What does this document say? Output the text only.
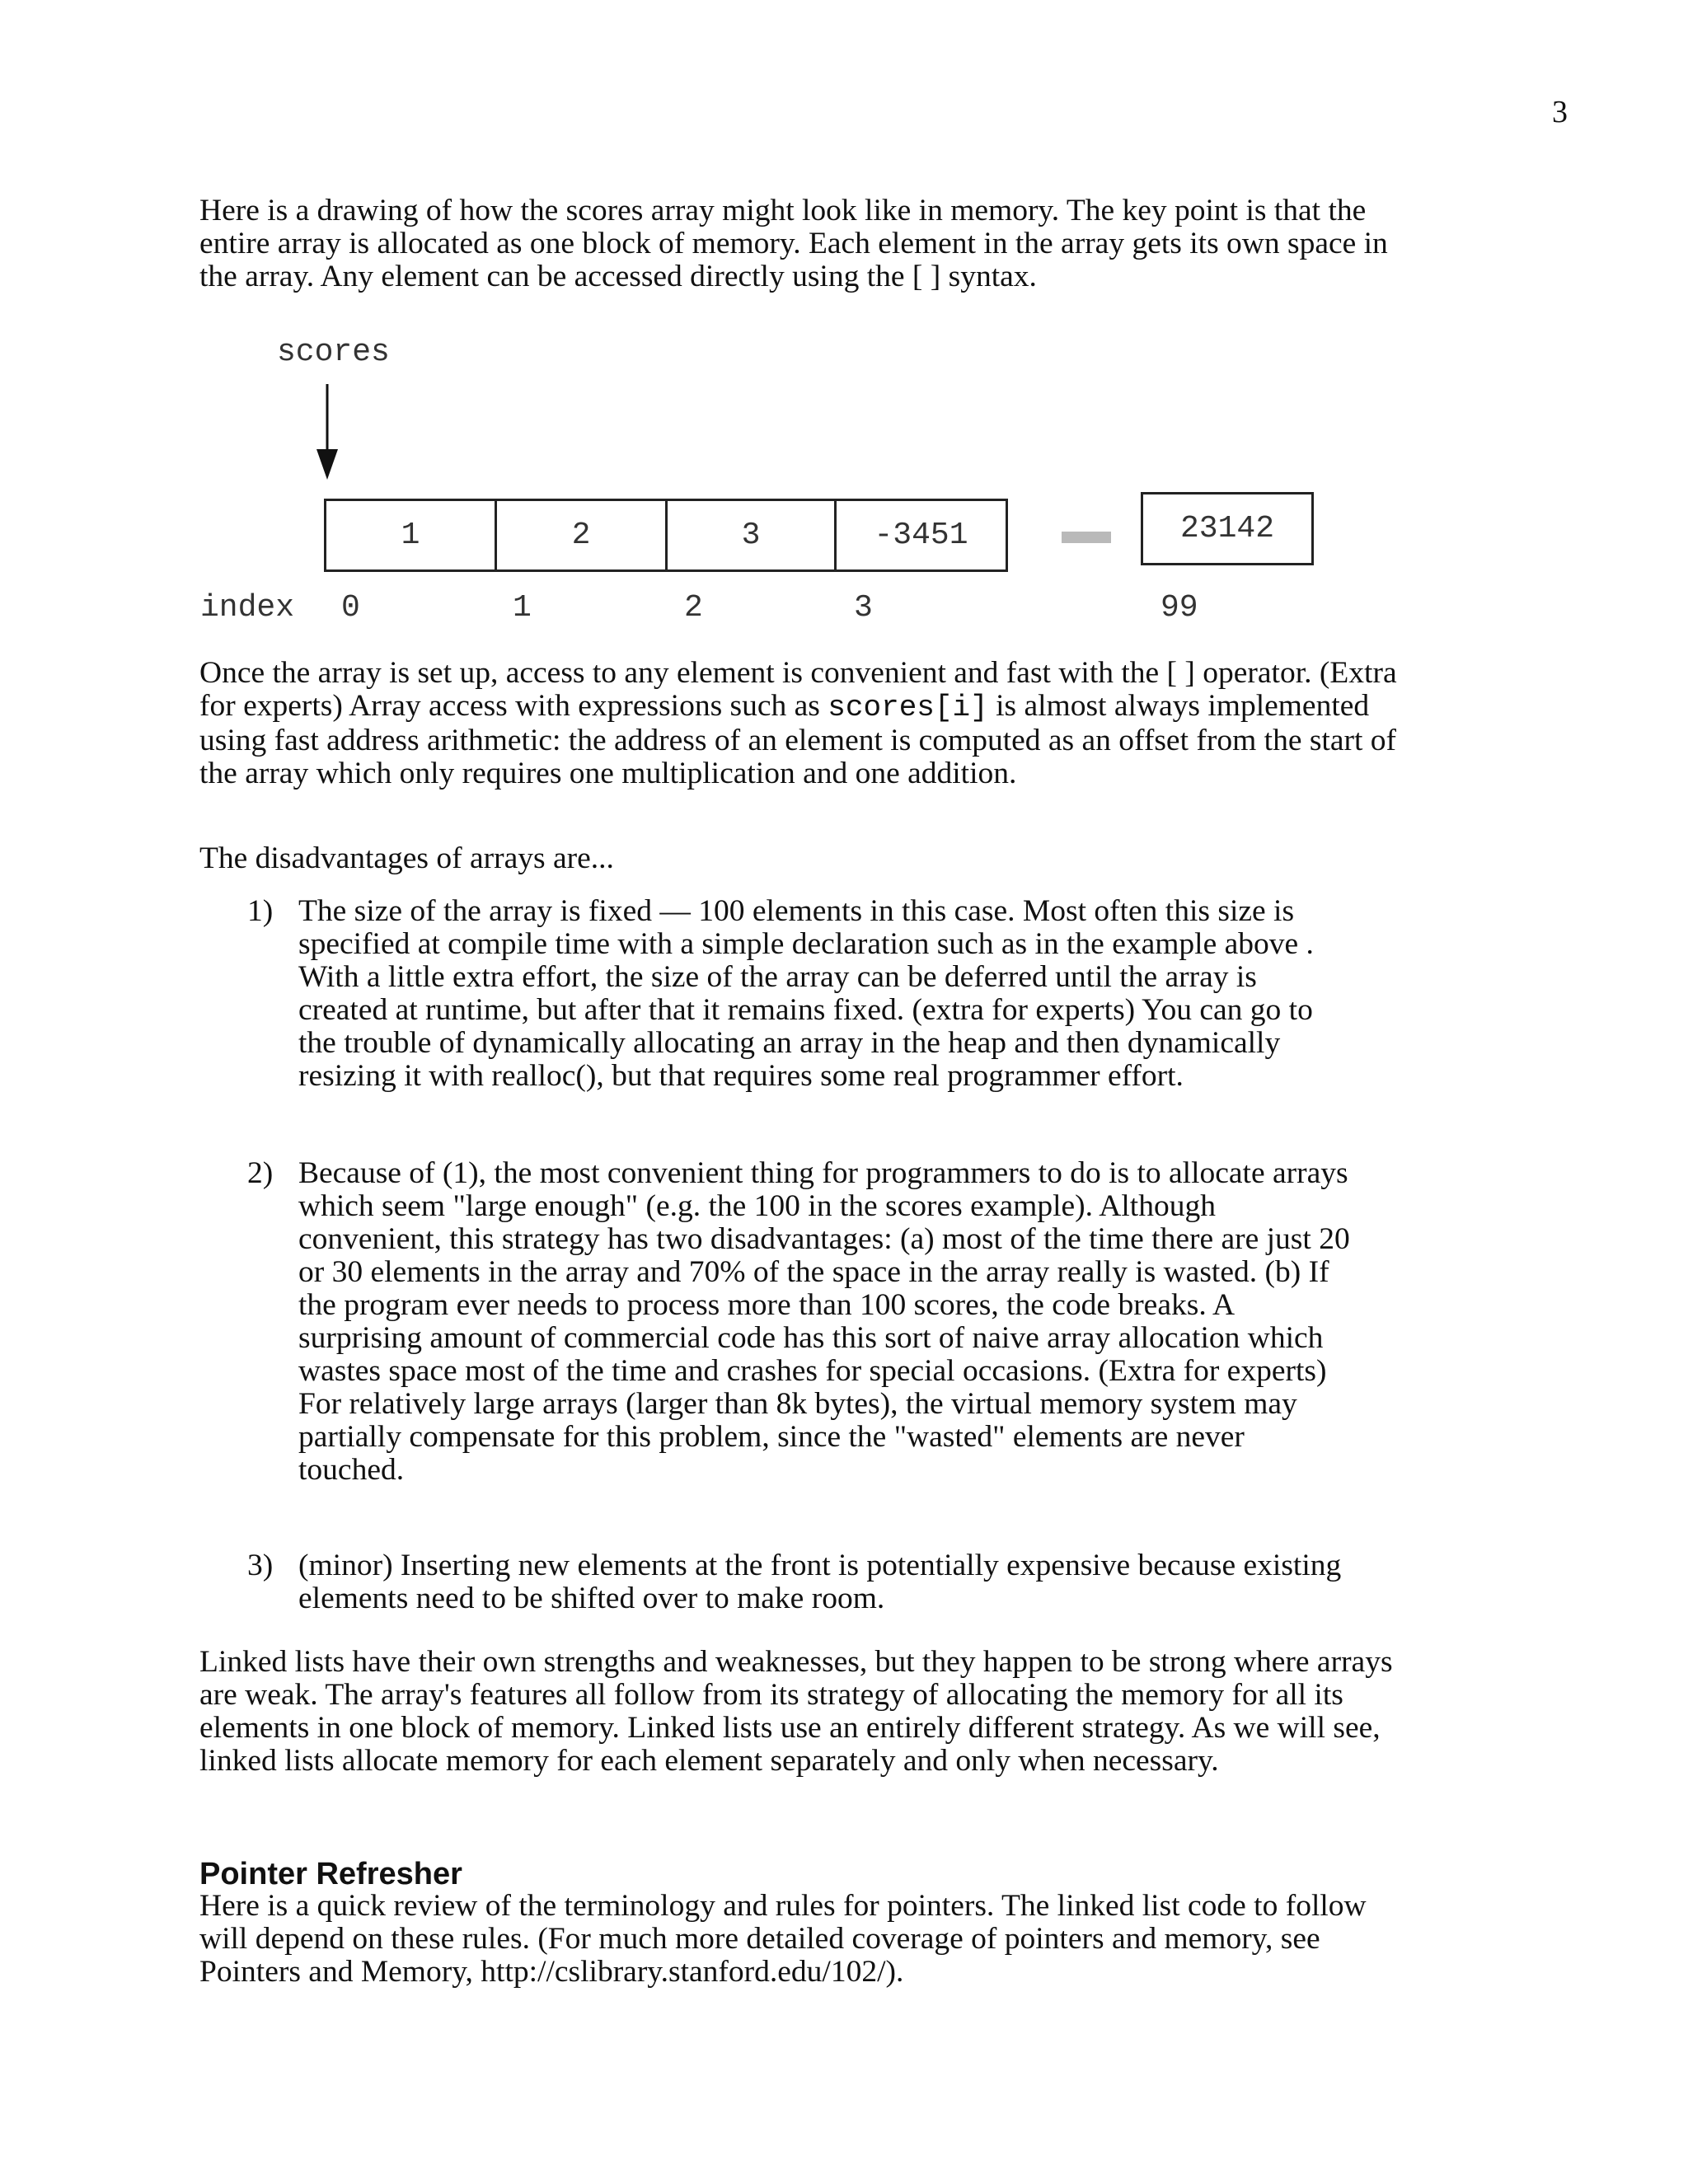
3

Here is a drawing of how the scores array might look like in memory. The key point is that the entire array is allocated as one block of memory. Each element in the array gets its own space in the array. Any element can be accessed directly using the [ ] syntax.

scores
1	2	3	-3451	23142
index 0	1	2	3	99

Once the array is set up, access to any element is convenient and fast with the [ ] operator. (Extra for experts) Array access with expressions such as scores[i] is almost always implemented using fast address arithmetic: the address of an element is computed as an offset from the start of the array which only requires one multiplication and one addition.

The disadvantages of arrays are...

1) The size of the array is fixed — 100 elements in this case. Most often this size is specified at compile time with a simple declaration such as in the example above . With a little extra effort, the size of the array can be deferred until the array is created at runtime, but after that it remains fixed. (extra for experts) You can go to the trouble of dynamically allocating an array in the heap and then dynamically resizing it with realloc(), but that requires some real programmer effort.
2) Because of (1), the most convenient thing for programmers to do is to allocate arrays which seem "large enough" (e.g. the 100 in the scores example). Although convenient, this strategy has two disadvantages: (a) most of the time there are just 20 or 30 elements in the array and 70% of the space in the array really is wasted. (b) If the program ever needs to process more than 100 scores, the code breaks. A surprising amount of commercial code has this sort of naive array allocation which wastes space most of the time and crashes for special occasions. (Extra for experts) For relatively large arrays (larger than 8k bytes), the virtual memory system may partially compensate for this problem, since the "wasted" elements are never touched.
3) (minor) Inserting new elements at the front is potentially expensive because existing elements need to be shifted over to make room.

Linked lists have their own strengths and weaknesses, but they happen to be strong where arrays are weak. The array's features all follow from its strategy of allocating the memory for all its elements in one block of memory. Linked lists use an entirely different strategy. As we will see, linked lists allocate memory for each element separately and only when necessary.

Pointer Refresher

Here is a quick review of the terminology and rules for pointers. The linked list code to follow will depend on these rules. (For much more detailed coverage of pointers and memory, see Pointers and Memory, http://cslibrary.stanford.edu/102/).
